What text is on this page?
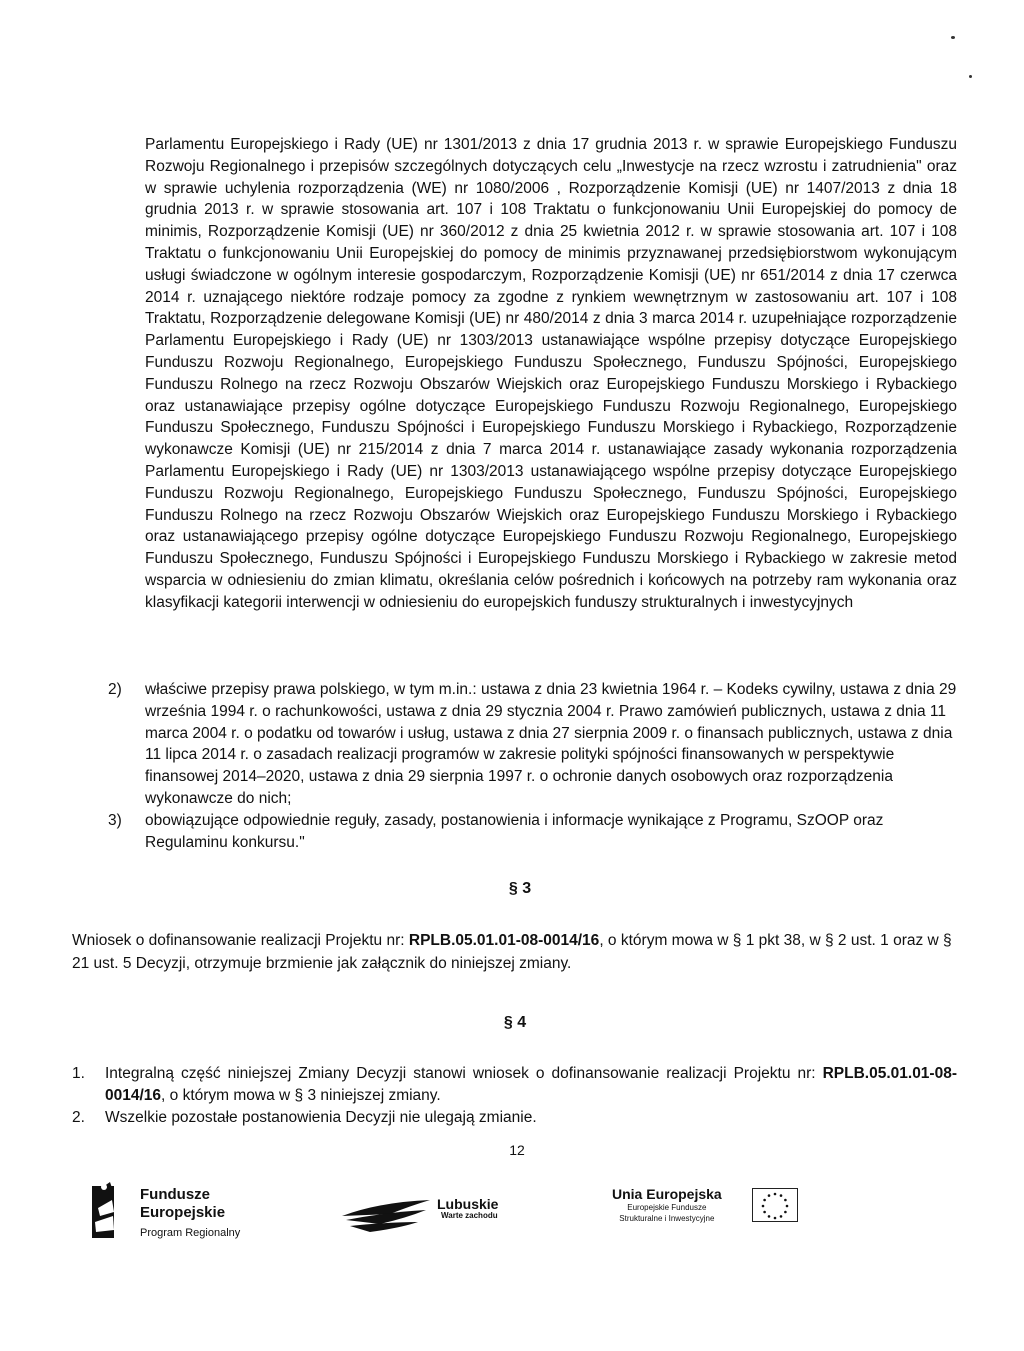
Parlamentu Europejskiego i Rady (UE) nr 1301/2013 z dnia 17 grudnia 2013 r. w sprawie Europejskiego Funduszu Rozwoju Regionalnego i przepisów szczególnych dotyczących celu „Inwestycje na rzecz wzrostu i zatrudnienia" oraz w sprawie uchylenia rozporządzenia (WE) nr 1080/2006 , Rozporządzenie Komisji (UE) nr 1407/2013 z dnia 18 grudnia 2013 r. w sprawie stosowania art. 107 i 108 Traktatu o funkcjonowaniu Unii Europejskiej do pomocy de minimis, Rozporządzenie Komisji (UE) nr 360/2012 z dnia 25 kwietnia 2012 r. w sprawie stosowania art. 107 i 108 Traktatu o funkcjonowaniu Unii Europejskiej do pomocy de minimis przyznawanej przedsiębiorstwom wykonującym usługi świadczone w ogólnym interesie gospodarczym, Rozporządzenie Komisji (UE) nr 651/2014 z dnia 17 czerwca 2014 r. uznającego niektóre rodzaje pomocy za zgodne z rynkiem wewnętrznym w zastosowaniu art. 107 i 108 Traktatu, Rozporządzenie delegowane Komisji (UE) nr 480/2014 z dnia 3 marca 2014 r. uzupełniające rozporządzenie Parlamentu Europejskiego i Rady (UE) nr 1303/2013 ustanawiające wspólne przepisy dotyczące Europejskiego Funduszu Rozwoju Regionalnego, Europejskiego Funduszu Społecznego, Funduszu Spójności, Europejskiego Funduszu Rolnego na rzecz Rozwoju Obszarów Wiejskich oraz Europejskiego Funduszu Morskiego i Rybackiego oraz ustanawiające przepisy ogólne dotyczące Europejskiego Funduszu Rozwoju Regionalnego, Europejskiego Funduszu Społecznego, Funduszu Spójności i Europejskiego Funduszu Morskiego i Rybackiego, Rozporządzenie wykonawcze Komisji (UE) nr 215/2014 z dnia 7 marca 2014 r. ustanawiające zasady wykonania rozporządzenia Parlamentu Europejskiego i Rady (UE) nr 1303/2013 ustanawiającego wspólne przepisy dotyczące Europejskiego Funduszu Rozwoju Regionalnego, Europejskiego Funduszu Społecznego, Funduszu Spójności, Europejskiego Funduszu Rolnego na rzecz Rozwoju Obszarów Wiejskich oraz Europejskiego Funduszu Morskiego i Rybackiego oraz ustanawiającego przepisy ogólne dotyczące Europejskiego Funduszu Rozwoju Regionalnego, Europejskiego Funduszu Społecznego, Funduszu Spójności i Europejskiego Funduszu Morskiego i Rybackiego w zakresie metod wsparcia w odniesieniu do zmian klimatu, określania celów pośrednich i końcowych na potrzeby ram wykonania oraz klasyfikacji kategorii interwencji w odniesieniu do europejskich funduszy strukturalnych i inwestycyjnych

2)	właściwe przepisy prawa polskiego, w tym m.in.: ustawa z dnia 23 kwietnia 1964 r. – Kodeks cywilny, ustawa z dnia 29 września 1994 r. o rachunkowości, ustawa z dnia 29 stycznia 2004 r. Prawo zamówień publicznych, ustawa z dnia 11 marca 2004 r. o podatku od towarów i usług, ustawa z dnia 27 sierpnia 2009 r. o finansach publicznych, ustawa z dnia 11 lipca 2014 r. o zasadach realizacji programów w zakresie polityki spójności finansowanych w perspektywie finansowej 2014–2020, ustawa z dnia 29 sierpnia 1997 r. o ochronie danych osobowych oraz rozporządzenia wykonawcze do nich;
3)	obowiązujące odpowiednie reguły, zasady, postanowienia i informacje wynikające z Programu, SzOOP oraz Regulaminu konkursu."
§ 3
Wniosek o dofinansowanie realizacji Projektu nr: RPLB.05.01.01-08-0014/16, o którym mowa w § 1 pkt 38, w § 2 ust. 1 oraz w § 21 ust. 5 Decyzji, otrzymuje brzmienie jak załącznik do niniejszej zmiany.
§ 4
1.	Integralną część niniejszej Zmiany Decyzji stanowi wniosek o dofinansowanie realizacji Projektu nr: RPLB.05.01.01-08-0014/16, o którym mowa w § 3 niniejszej zmiany.
2.	Wszelkie pozostałe postanowienia Decyzji nie ulegają zmianie.
12
Fundusze
Europejskie
Program Regionalny
Lubuskie
Warte zachodu
Unia Europejska
Europejskie Fundusze
Strukturalne i Inwestycyjne
